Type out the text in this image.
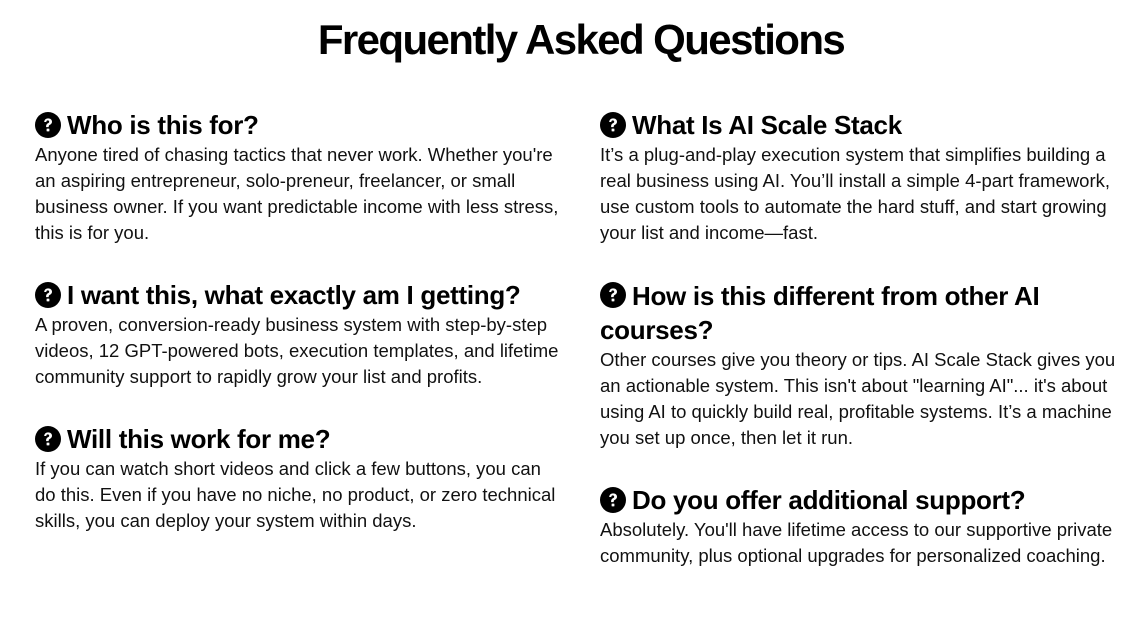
Frequently Asked Questions
Who is this for?

Anyone tired of chasing tactics that never work. Whether you're an aspiring entrepreneur, solo-preneur, freelancer, or small business owner. If you want predictable income with less stress, this is for you.

I want this, what exactly am I getting?

A proven, conversion-ready business system with step-by-step videos, 12 GPT-powered bots, execution templates, and lifetime community support to rapidly grow your list and profits.

Will this work for me?

If you can watch short videos and click a few buttons, you can do this. Even if you have no niche, no product, or zero technical skills, you can deploy your system within days.

What Is AI Scale Stack

It’s a plug-and-play execution system that simplifies building a real business using AI. You’ll install a simple 4-part framework, use custom tools to automate the hard stuff, and start growing your list and income—fast.

How is this different from other AI courses?

Other courses give you theory or tips. AI Scale Stack gives you an actionable system. This isn't about "learning AI"... it's about using AI to quickly build real, profitable systems. It’s a machine you set up once, then let it run.

Do you offer additional support?

Absolutely. You'll have lifetime access to our supportive private community, plus optional upgrades for personalized coaching.
